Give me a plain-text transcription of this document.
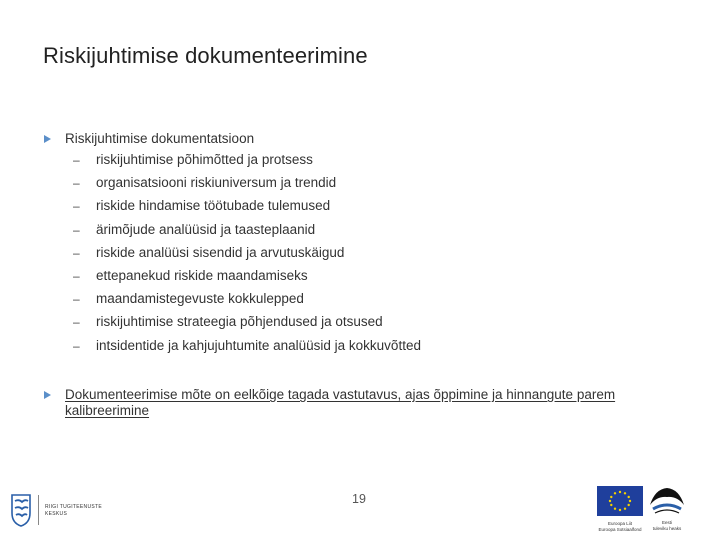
Riskijuhtimise dokumenteerimine
Riskijuhtimise dokumentatsioon
–	riskijuhtimise põhimõtted ja protsess
–	organisatsiooni riskiuniversum ja trendid
–	riskide hindamise töötubade tulemused
–	ärimõjude analüüsid ja taasteplaanid
–	riskide analüüsi sisendid ja arvutuskäigud
–	ettepanekud riskide maandamiseks
–	maandamistegevuste kokkulepped
–	riskijuhtimise strateegia põhjendused ja otsused
–	intsidentide ja kahjujuhtumite analüüsid ja kokkuvõtted
Dokumenteerimise mõte on eelkõige tagada vastutavus, ajas õppimine ja hinnangute parem kalibreerimine
19
RIIGI TUGITEENUSTE
KESKUS
Euroopa Liit
Euroopa Sotsiaalfond
Eesti
tuleviku heaks
